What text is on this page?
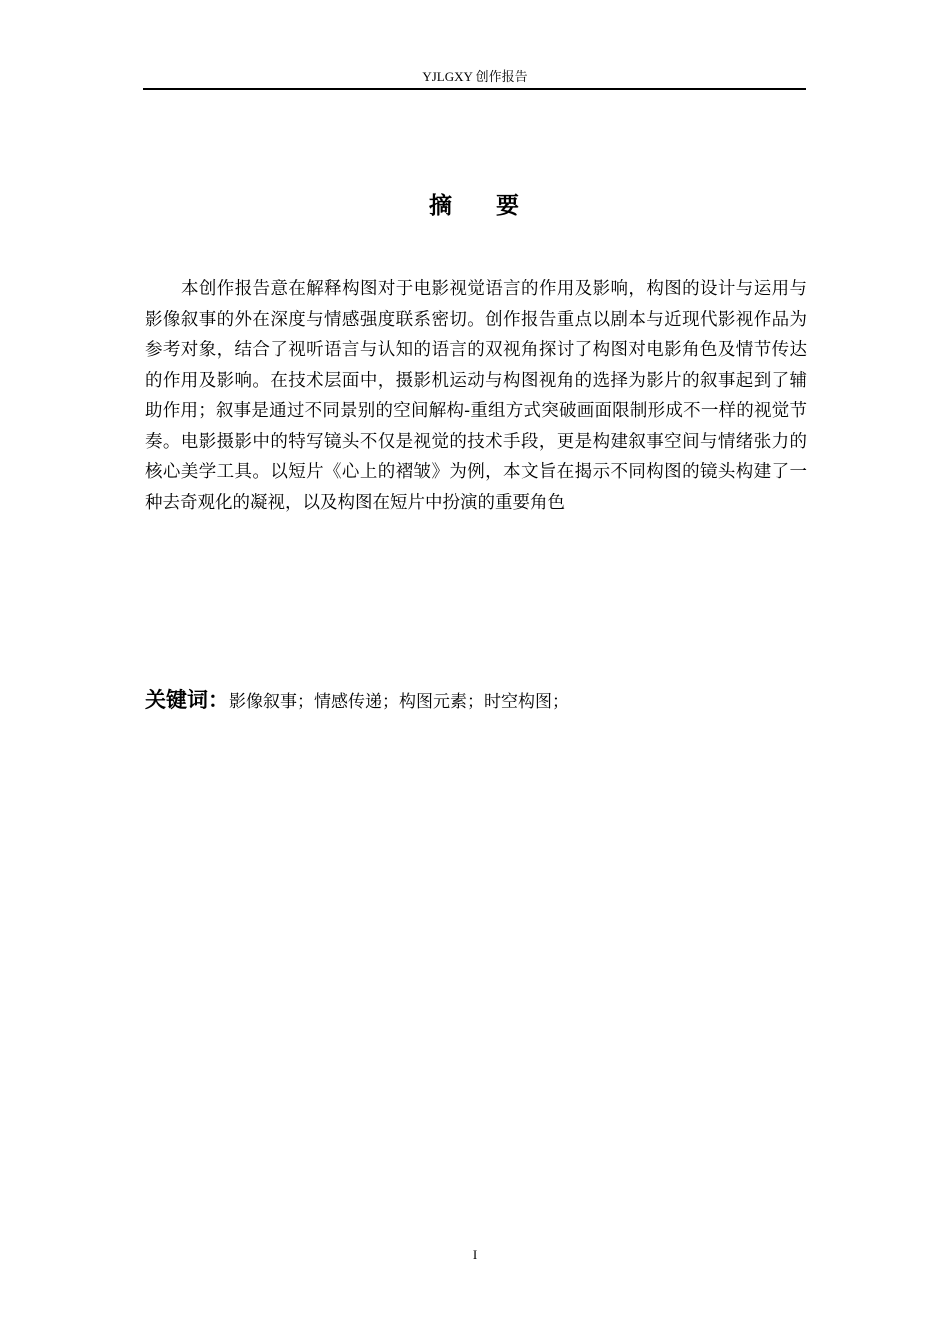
YJLGXY 创作报告
摘 要

本创作报告意在解释构图对于电影视觉语言的作用及影响，构图的设计与运用与影像叙事的外在深度与情感强度联系密切。创作报告重点以剧本与近现代影视作品为参考对象，结合了视听语言与认知的语言的双视角探讨了构图对电影角色及情节传达的作用及影响。在技术层面中，摄影机运动与构图视角的选择为影片的叙事起到了辅助作用；叙事是通过不同景别的空间解构-重组方式突破画面限制形成不一样的视觉节奏。电影摄影中的特写镜头不仅是视觉的技术手段，更是构建叙事空间与情绪张力的核心美学工具。以短片《心上的褶皱》为例，本文旨在揭示不同构图的镜头构建了一种去奇观化的凝视，以及构图在短片中扮演的重要角色

关键词：影像叙事；情感传递；构图元素；时空构图；
I
